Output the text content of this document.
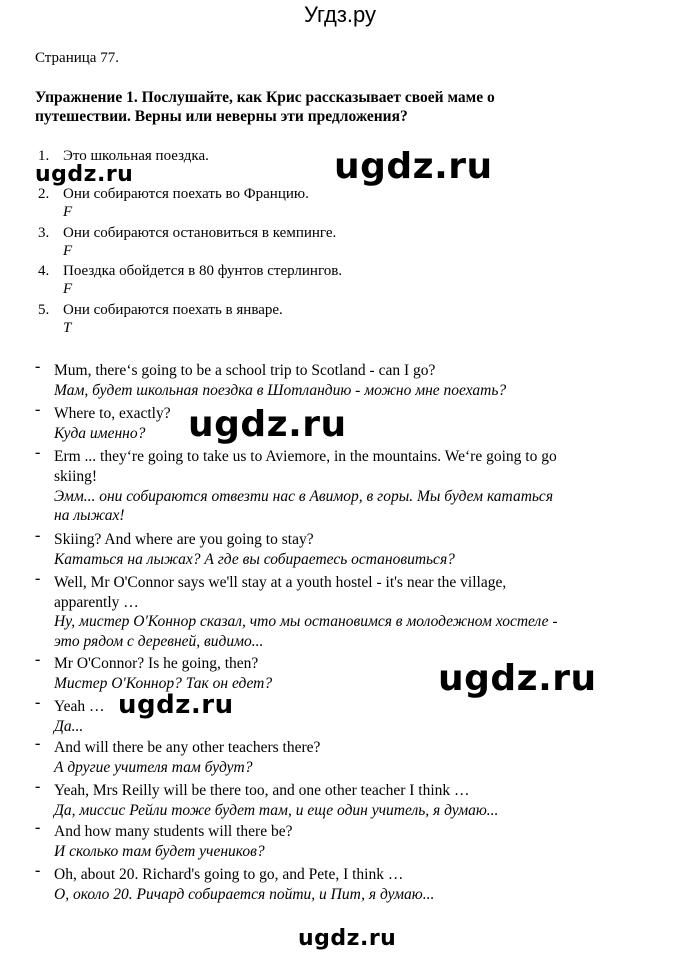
Угдз.ру
Страница 77.
Упражнение 1. Послушайте, как Крис рассказывает своей маме о путешествии. Верны или неверны эти предложения?
1. Это школьная поездка.
2. Они собираются поехать во Францию.
F
3. Они собираются остановиться в кемпинге.
F
4. Поездка обойдется в 80 фунтов стерлингов.
F
5. Они собираются поехать в январе.
T
- Mum, there‘s going to be a school trip to Scotland - can I go?
Мам, будет школьная поездка в Шотландию - можно мне поехать?
- Where to, exactly?
Куда именно?
- Erm ... they‘re going to take us to Aviemore, in the mountains. We‘re going to go
skiing!
Эмм... они собираются отвезти нас в Авимор, в горы. Мы будем кататься
на лыжах!
- Skiing? And where are you going to stay?
Кататься на лыжах? А где вы собираетесь остановиться?
- Well, Mr O'Connor says we'll stay at a youth hostel - it's near the village,
apparently …
Ну, мистер О'Коннор сказал, что мы остановимся в молодежном хостеле -
это рядом с деревней, видимо...
- Mr O'Connor? Is he going, then?
Мистер О'Коннор? Так он едет?
- Yeah …
Да...
- And will there be any other teachers there?
А другие учителя там будут?
- Yeah, Mrs Reilly will be there too, and one other teacher I think …
Да, миссис Рейли тоже будет там, и еще один учитель, я думаю...
- And how many students will there be?
И сколько там будет учеников?
- Oh, about 20. Richard's going to go, and Pete, I think …
О, около 20. Ричард собирается пойти, и Пит, я думаю...
ugdz.ru
ugdz.ru
ugdz.ru
ugdz.ru
ugdz.ru
ugdz.ru
